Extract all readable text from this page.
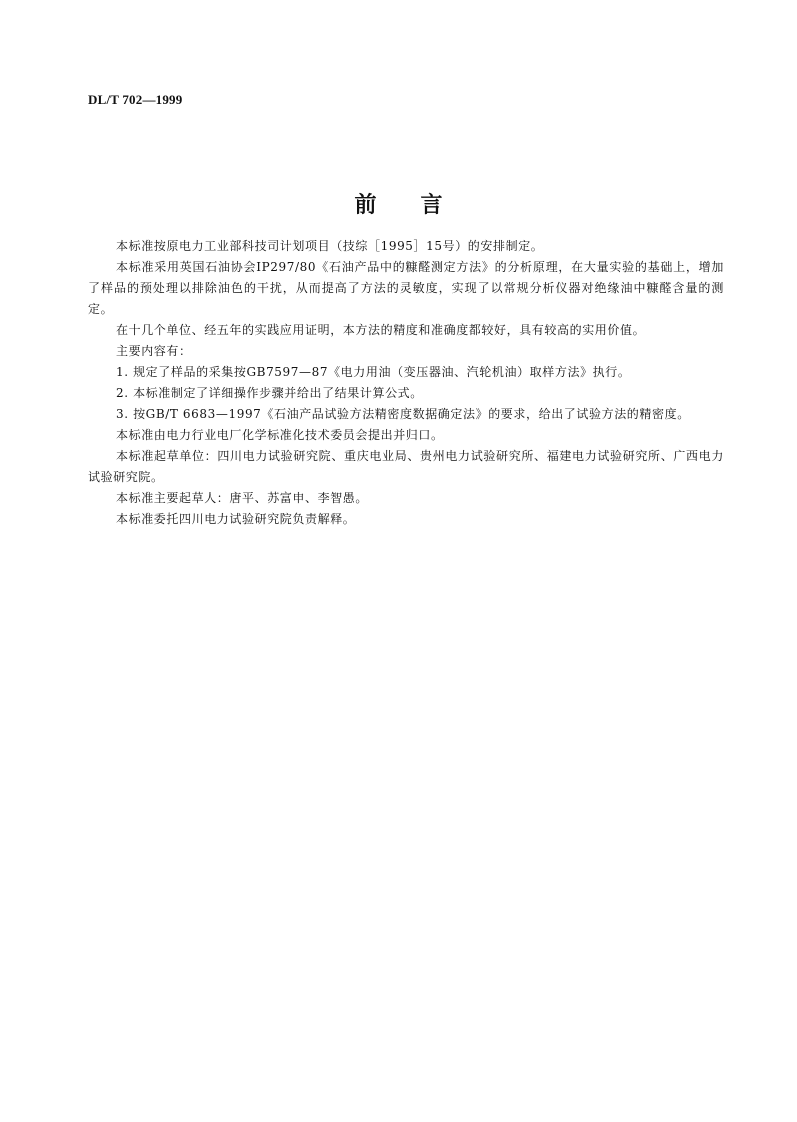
DL/T 702—1999
前言

本标准按原电力工业部科技司计划项目（技综［1995］15号）的安排制定。

本标准采用英国石油协会IP297/80《石油产品中的糠醛测定方法》的分析原理，在大量实验的基础上，增加了样品的预处理以排除油色的干扰，从而提高了方法的灵敏度，实现了以常规分析仪器对绝缘油中糠醛含量的测定。

在十几个单位、经五年的实践应用证明，本方法的精度和准确度都较好，具有较高的实用价值。

主要内容有：

1. 规定了样品的采集按GB7597—87《电力用油（变压器油、汽轮机油）取样方法》执行。

2. 本标准制定了详细操作步骤并给出了结果计算公式。

3. 按GB/T 6683—1997《石油产品试验方法精密度数据确定法》的要求，给出了试验方法的精密度。

本标准由电力行业电厂化学标准化技术委员会提出并归口。

本标准起草单位：四川电力试验研究院、重庆电业局、贵州电力试验研究所、福建电力试验研究所、广西电力试验研究院。

本标准主要起草人：唐平、苏富申、李智愚。

本标准委托四川电力试验研究院负责解释。
